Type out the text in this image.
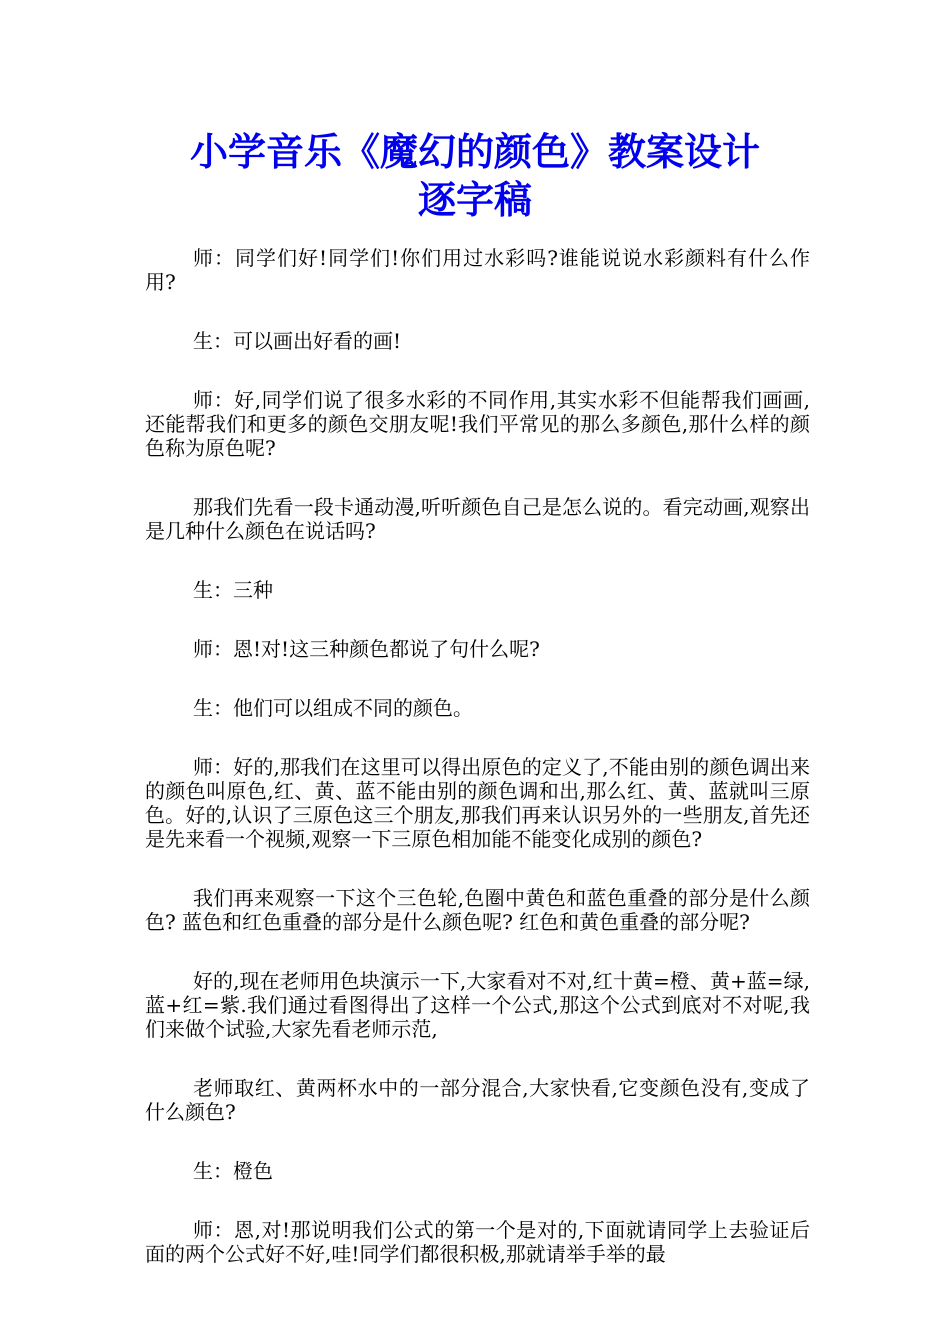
小学音乐《魔幻的颜色》教案设计
逐字稿

师：同学们好!同学们!你们用过水彩吗?谁能说说水彩颜料有什么作用?

生：可以画出好看的画!

师：好,同学们说了很多水彩的不同作用,其实水彩不但能帮我们画画,还能帮我们和更多的颜色交朋友呢!我们平常见的那么多颜色,那什么样的颜色称为原色呢?

那我们先看一段卡通动漫,听听颜色自己是怎么说的。看完动画,观察出是几种什么颜色在说话吗?

生：三种

师：恩!对!这三种颜色都说了句什么呢?

生：他们可以组成不同的颜色。

师：好的,那我们在这里可以得出原色的定义了,不能由别的颜色调出来的颜色叫原色,红、黄、蓝不能由别的颜色调和出,那么红、黄、蓝就叫三原色。好的,认识了三原色这三个朋友,那我们再来认识另外的一些朋友,首先还是先来看一个视频,观察一下三原色相加能不能变化成别的颜色?

我们再来观察一下这个三色轮,色圈中黄色和蓝色重叠的部分是什么颜色? 蓝色和红色重叠的部分是什么颜色呢? 红色和黄色重叠的部分呢?

好的,现在老师用色块演示一下,大家看对不对,红十黄=橙、黄+蓝=绿,蓝+红=紫.我们通过看图得出了这样一个公式,那这个公式到底对不对呢,我们来做个试验,大家先看老师示范,

老师取红、黄两杯水中的一部分混合,大家快看,它变颜色没有,变成了什么颜色?

生：橙色

师：恩,对!那说明我们公式的第一个是对的,下面就请同学上去验证后面的两个公式好不好,哇!同学们都很积极,那就请举手举的最
